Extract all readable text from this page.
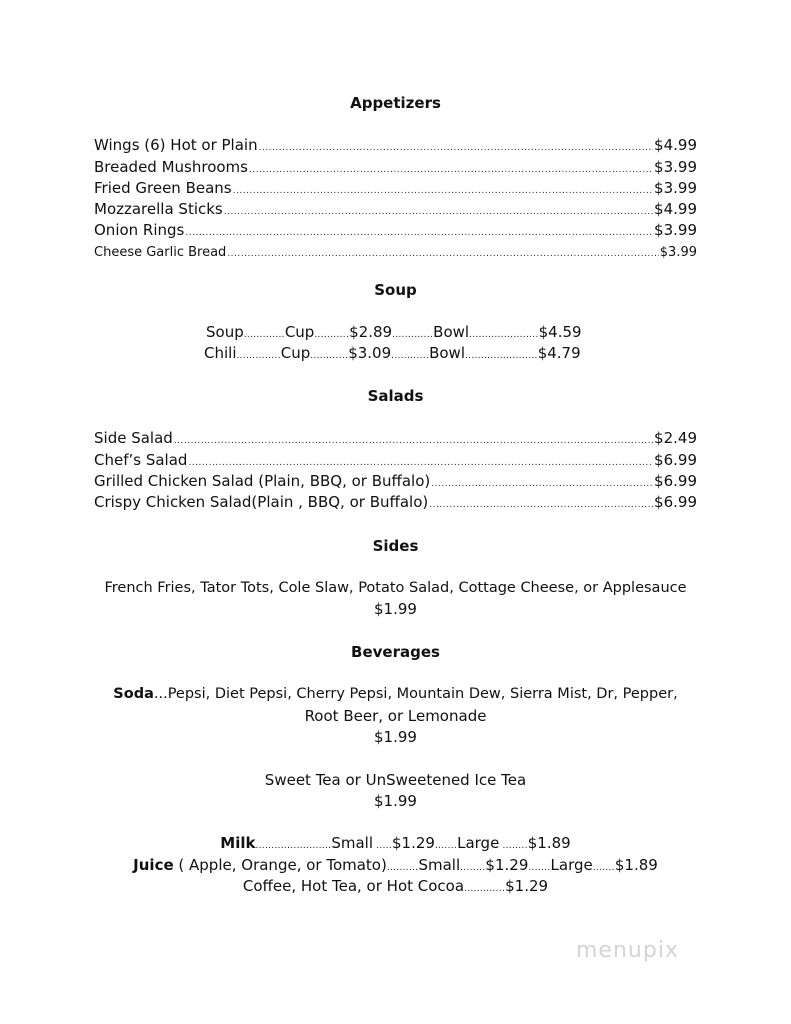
Appetizers
Wings (6) Hot or Plain .....	$4.99
Breaded Mushrooms .....	$3.99
Fried Green Beans .....	$3.99
Mozzarella Sticks .....	$4.99
Onion Rings .....	$3.99
Cheese Garlic Bread .....	$3.99
Soup
Soup.............Cup...........$2.89.............Bowl......................$4.59
Chili..............Cup............$3.09............Bowl.......................$4.79
Salads
Side Salad .....	$2.49
Chef’s Salad .....	$6.99
Grilled Chicken Salad (Plain, BBQ, or Buffalo) .....	$6.99
Crispy Chicken Salad(Plain , BBQ, or Buffalo) .....	$6.99
Sides
French Fries, Tator Tots, Cole Slaw, Potato Salad, Cottage Cheese, or Applesauce
$1.99
Beverages
Soda...Pepsi, Diet Pepsi, Cherry Pepsi, Mountain Dew, Sierra Mist, Dr, Pepper,
Root Beer, or Lemonade
$1.99
Sweet Tea or UnSweetened Ice Tea
$1.99
Milk........................Small .....$1.29.......Large ........$1.89
Juice ( Apple, Orange, or Tomato)..........Small........$1.29.......Large.......$1.89
Coffee, Hot Tea, or Hot Cocoa.............$1.29
menupix
